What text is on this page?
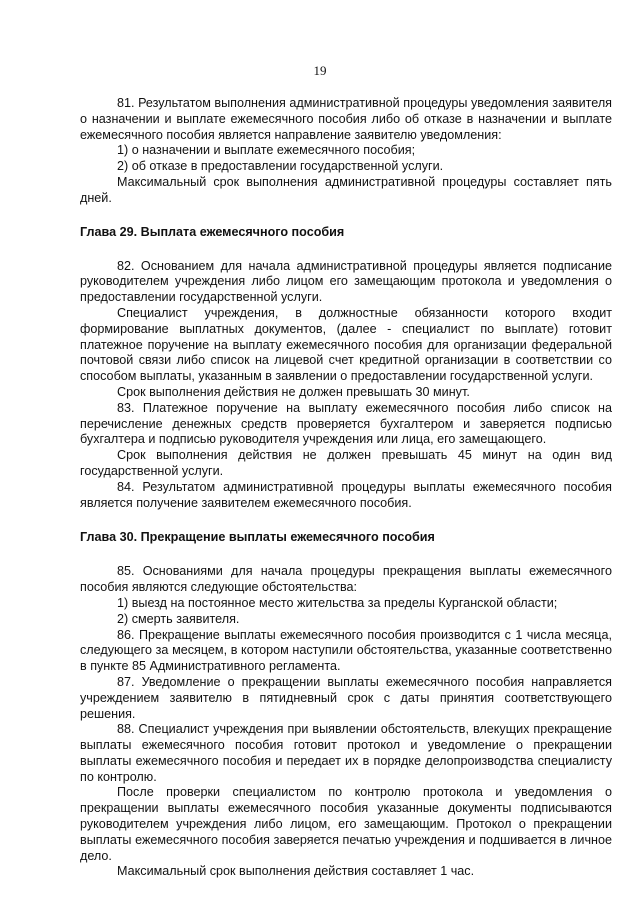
19

81. Результатом выполнения административной процедуры уведомления заявителя о назначении и выплате ежемесячного пособия либо об отказе в назначении и выплате ежемесячного пособия является направление заявителю уведомления:

1) о назначении и выплате ежемесячного пособия;

2) об отказе в предоставлении государственной услуги.

Максимальный срок выполнения административной процедуры составляет пять дней.

Глава 29. Выплата ежемесячного пособия

82. Основанием для начала административной процедуры является подписание руководителем учреждения либо лицом его замещающим протокола и уведомления о предоставлении государственной услуги.

Специалист учреждения, в должностные обязанности которого входит формирование выплатных документов, (далее - специалист по выплате) готовит платежное поручение на выплату ежемесячного пособия для организации федеральной почтовой связи либо список на лицевой счет кредитной организации в соответствии со способом выплаты, указанным в заявлении о предоставлении государственной услуги.

Срок выполнения действия не должен превышать 30 минут.

83. Платежное поручение на выплату ежемесячного пособия либо список на перечисление денежных средств проверяется бухгалтером и заверяется подписью бухгалтера и подписью руководителя учреждения или лица, его замещающего.

Срок выполнения действия не должен превышать 45 минут на один вид государственной услуги.

84. Результатом административной процедуры выплаты ежемесячного пособия является получение заявителем ежемесячного пособия.

Глава 30. Прекращение выплаты ежемесячного пособия

85. Основаниями для начала процедуры прекращения выплаты ежемесячного пособия являются следующие обстоятельства:

1) выезд на постоянное место жительства за пределы Курганской области;

2) смерть заявителя.

86. Прекращение выплаты ежемесячного пособия производится с 1 числа месяца, следующего за месяцем, в котором наступили обстоятельства, указанные соответственно в пункте 85 Административного регламента.

87. Уведомление о прекращении выплаты ежемесячного пособия направляется учреждением заявителю в пятидневный срок с даты принятия соответствующего решения.

88. Специалист учреждения при выявлении обстоятельств, влекущих прекращение выплаты ежемесячного пособия готовит протокол и уведомление о прекращении выплаты ежемесячного пособия и передает их в порядке делопроизводства специалисту по контролю.

После проверки специалистом по контролю протокола и уведомления о прекращении выплаты ежемесячного пособия указанные документы подписываются руководителем учреждения либо лицом, его замещающим. Протокол о прекращении выплаты ежемесячного пособия заверяется печатью учреждения и подшивается в личное дело.

Максимальный срок выполнения действия составляет 1 час.
